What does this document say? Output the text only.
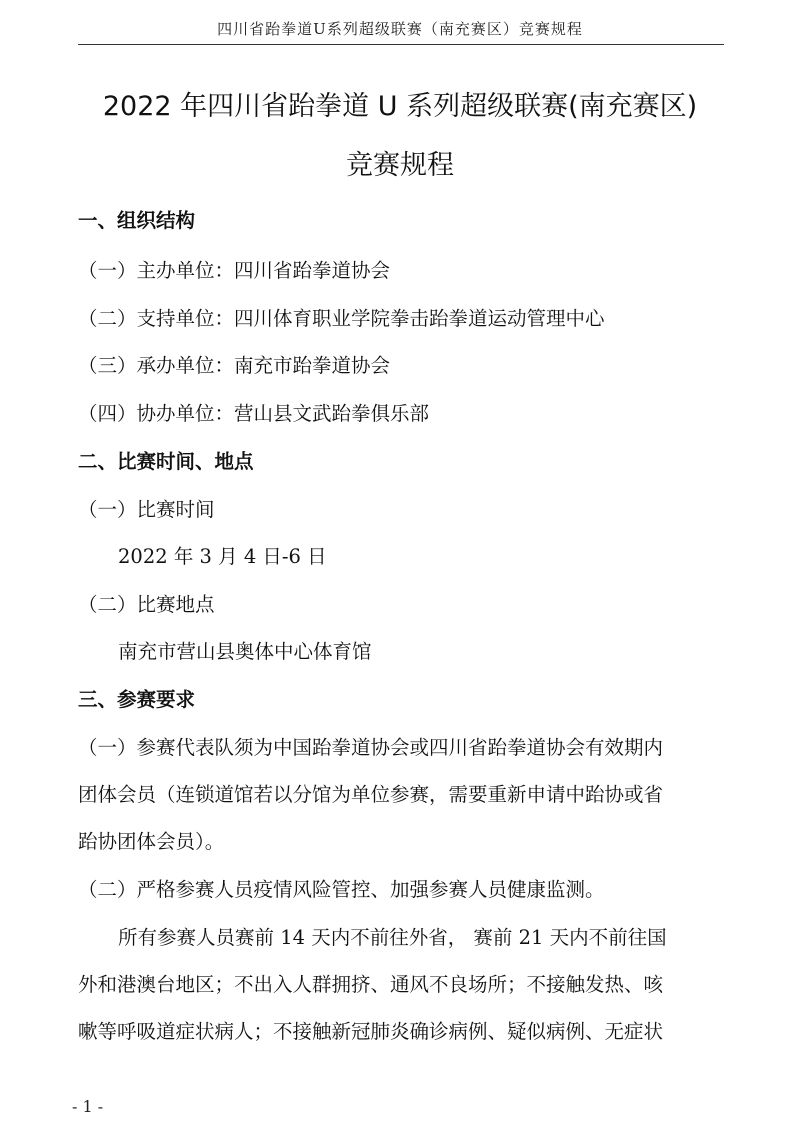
四川省跆拳道U系列超级联赛（南充赛区）竞赛规程
2022 年四川省跆拳道 U 系列超级联赛(南充赛区)
竞赛规程
一、组织结构
（一）主办单位：四川省跆拳道协会
（二）支持单位：四川体育职业学院拳击跆拳道运动管理中心
（三）承办单位：南充市跆拳道协会
（四）协办单位：营山县文武跆拳俱乐部
二、比赛时间、地点
（一）比赛时间
2022 年 3 月 4 日-6 日
（二）比赛地点
南充市营山县奥体中心体育馆
三、参赛要求
（一）参赛代表队须为中国跆拳道协会或四川省跆拳道协会有效期内
团体会员（连锁道馆若以分馆为单位参赛，需要重新申请中跆协或省
跆协团体会员）。
（二）严格参赛人员疫情风险管控、加强参赛人员健康监测。
所有参赛人员赛前 14 天内不前往外省， 赛前 21 天内不前往国
外和港澳台地区；不出入人群拥挤、通风不良场所；不接触发热、咳
嗽等呼吸道症状病人；不接触新冠肺炎确诊病例、疑似病例、无症状
- 1 -
